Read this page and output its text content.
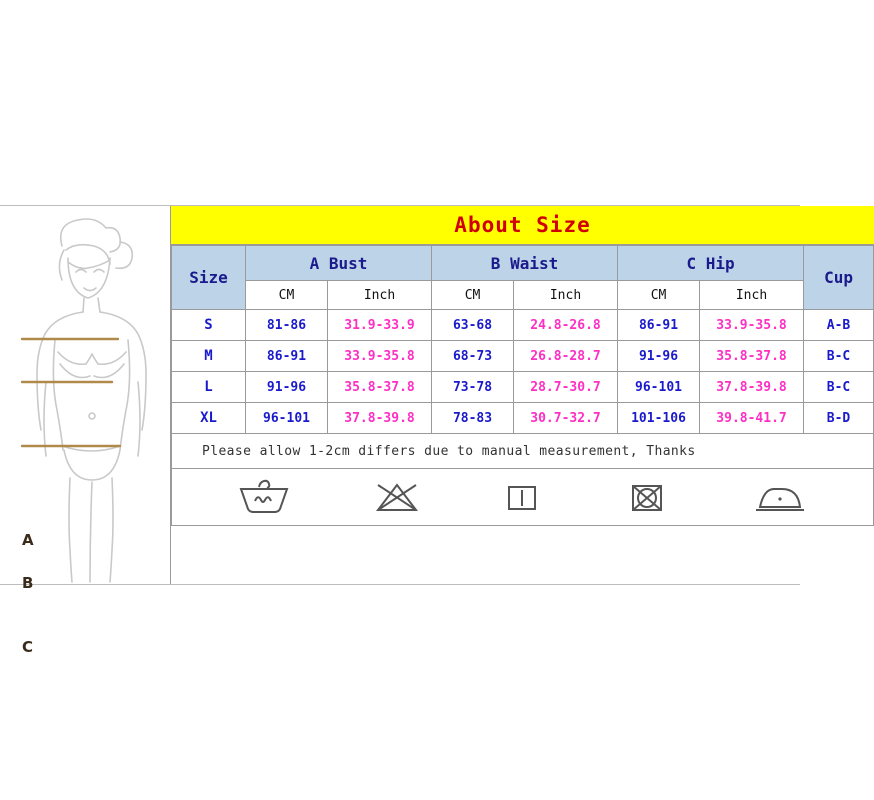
A
B
C
About Size
Size	A Bust		B Waist		C Hip		Cup
	CM	Inch	CM	Inch	CM	Inch	
S	81-86	31.9-33.9	63-68	24.8-26.8	86-91	33.9-35.8	A-B
M	86-91	33.9-35.8	68-73	26.8-28.7	91-96	35.8-37.8	B-C
L	91-96	35.8-37.8	73-78	28.7-30.7	96-101	37.8-39.8	B-C
XL	96-101	37.8-39.8	78-83	30.7-32.7	101-106	39.8-41.7	B-D
Please allow 1-2cm differs due to manual measurement, Thanks							
